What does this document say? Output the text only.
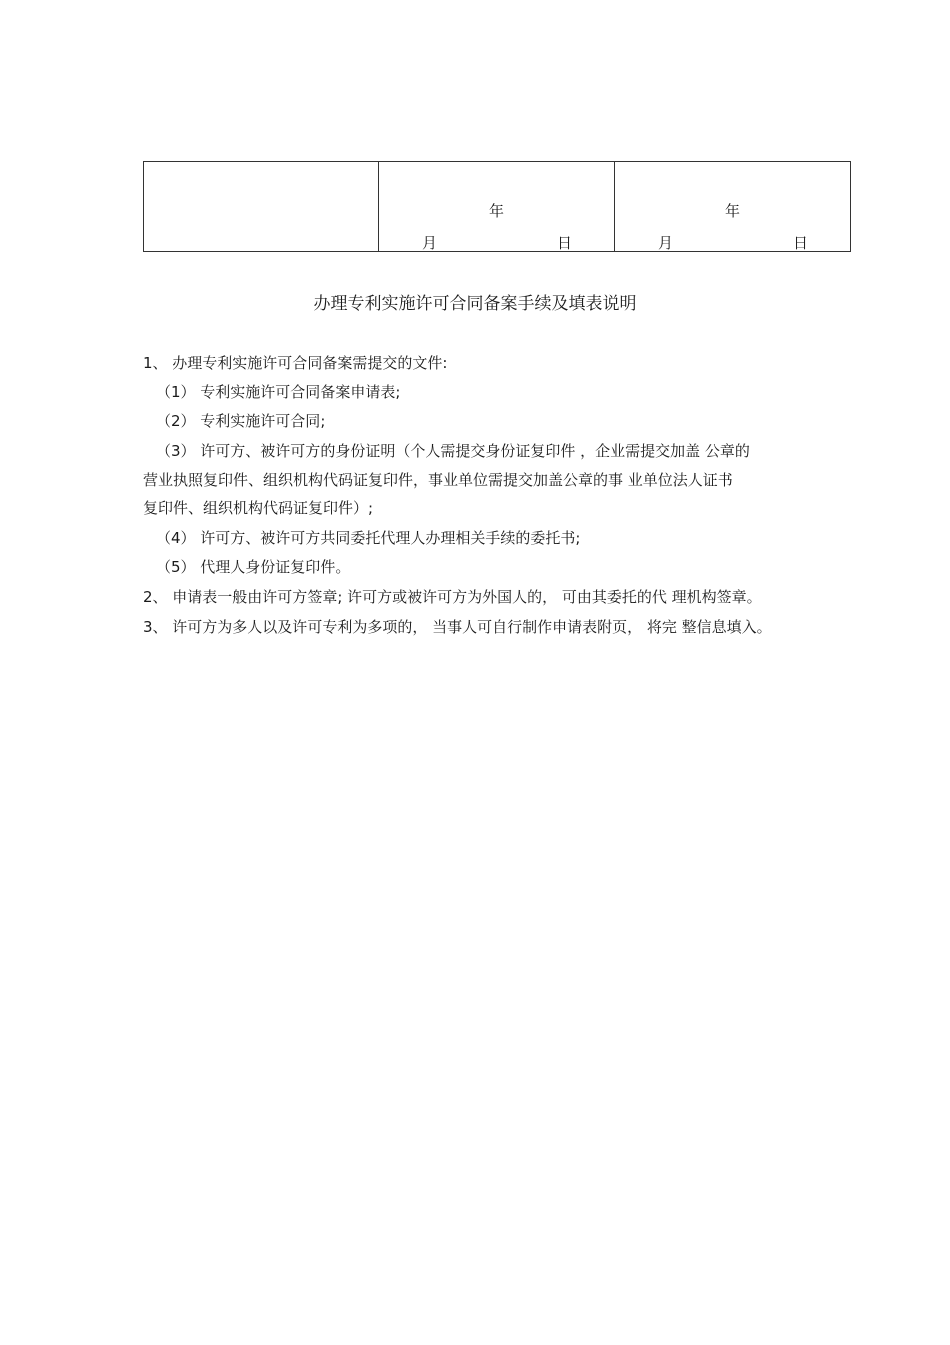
年
月	日
年
月	日
办理专利实施许可合同备案手续及填表说明

1、 办理专利实施许可合同备案需提交的文件:

（1） 专利实施许可合同备案申请表;

（2） 专利实施许可合同;

（3） 许可方、被许可方的身份证明（个人需提交身份证复印件 ，企业需提交加盖 公章的

营业执照复印件、组织机构代码证复印件，事业单位需提交加盖公章的事 业单位法人证书

复印件、组织机构代码证复印件）;

（4） 许可方、被许可方共同委托代理人办理相关手续的委托书;

（5） 代理人身份证复印件。

2、 申请表一般由许可方签章; 许可方或被许可方为外国人的， 可由其委托的代 理机构签章。

3、 许可方为多人以及许可专利为多项的， 当事人可自行制作申请表附页， 将完 整信息填入。
